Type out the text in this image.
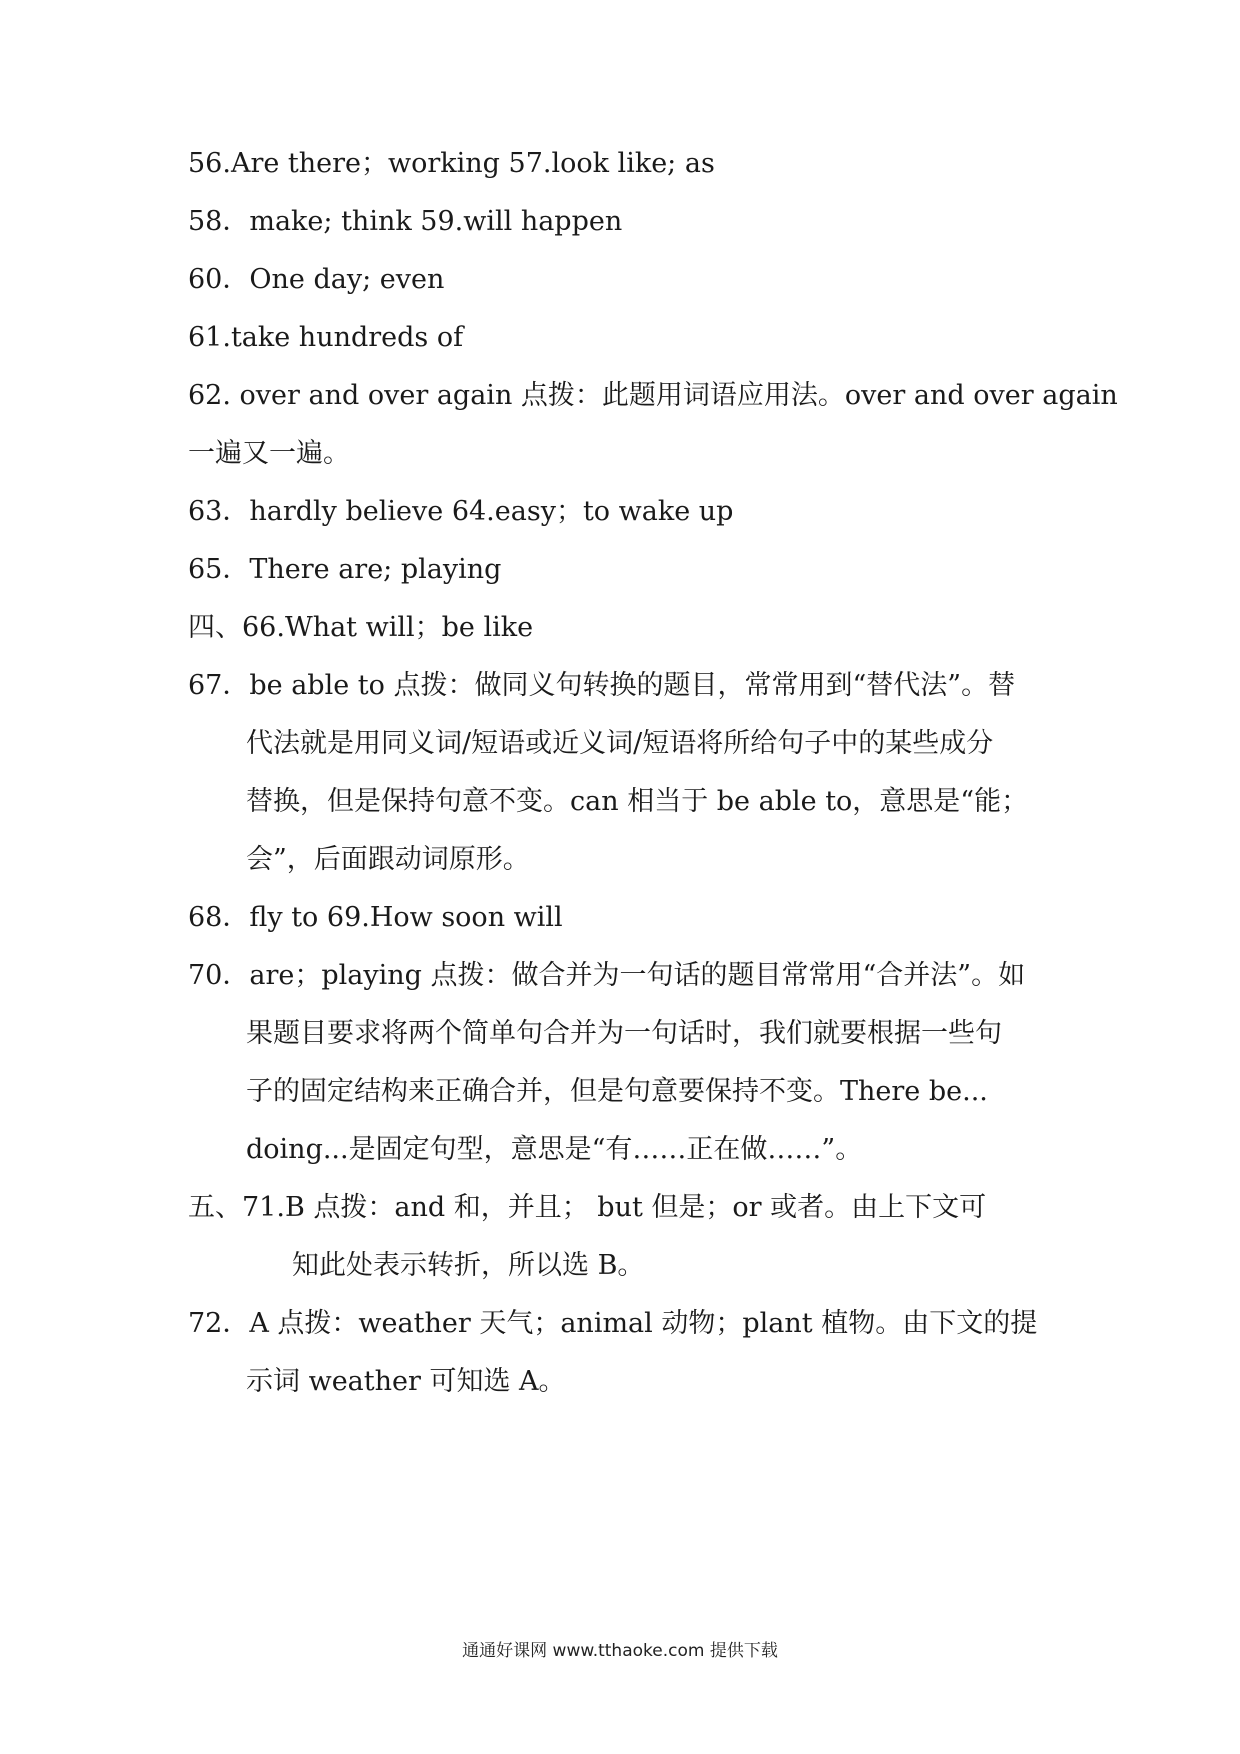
56.Are there；working 57.look like; as
58．make; think 59.will happen
60．One day; even
61.take hundreds of
62. over and over again 点拨：此题用词语应用法。over and over again
一遍又一遍。
63．hardly believe 64.easy；to wake up
65．There are; playing
四、66.What will；be like
67．be able to 点拨：做同义句转换的题目，常常用到“替代法”。替
代法就是用同义词/短语或近义词/短语将所给句子中的某些成分
替换，但是保持句意不变。can 相当于 be able to，意思是“能；
会”，后面跟动词原形。
68．fly to 69.How soon will
70．are；playing 点拨：做合并为一句话的题目常常用“合并法”。如
果题目要求将两个简单句合并为一句话时，我们就要根据一些句
子的固定结构来正确合并，但是句意要保持不变。There be...
doing...是固定句型，意思是“有……正在做……”。
五、71.B 点拨：and 和，并且； but 但是；or 或者。由上下文可
知此处表示转折，所以选 B。
72．A 点拨：weather 天气；animal 动物；plant 植物。由下文的提
示词 weather 可知选 A。
通通好课网 www.tthaoke.com 提供下载
